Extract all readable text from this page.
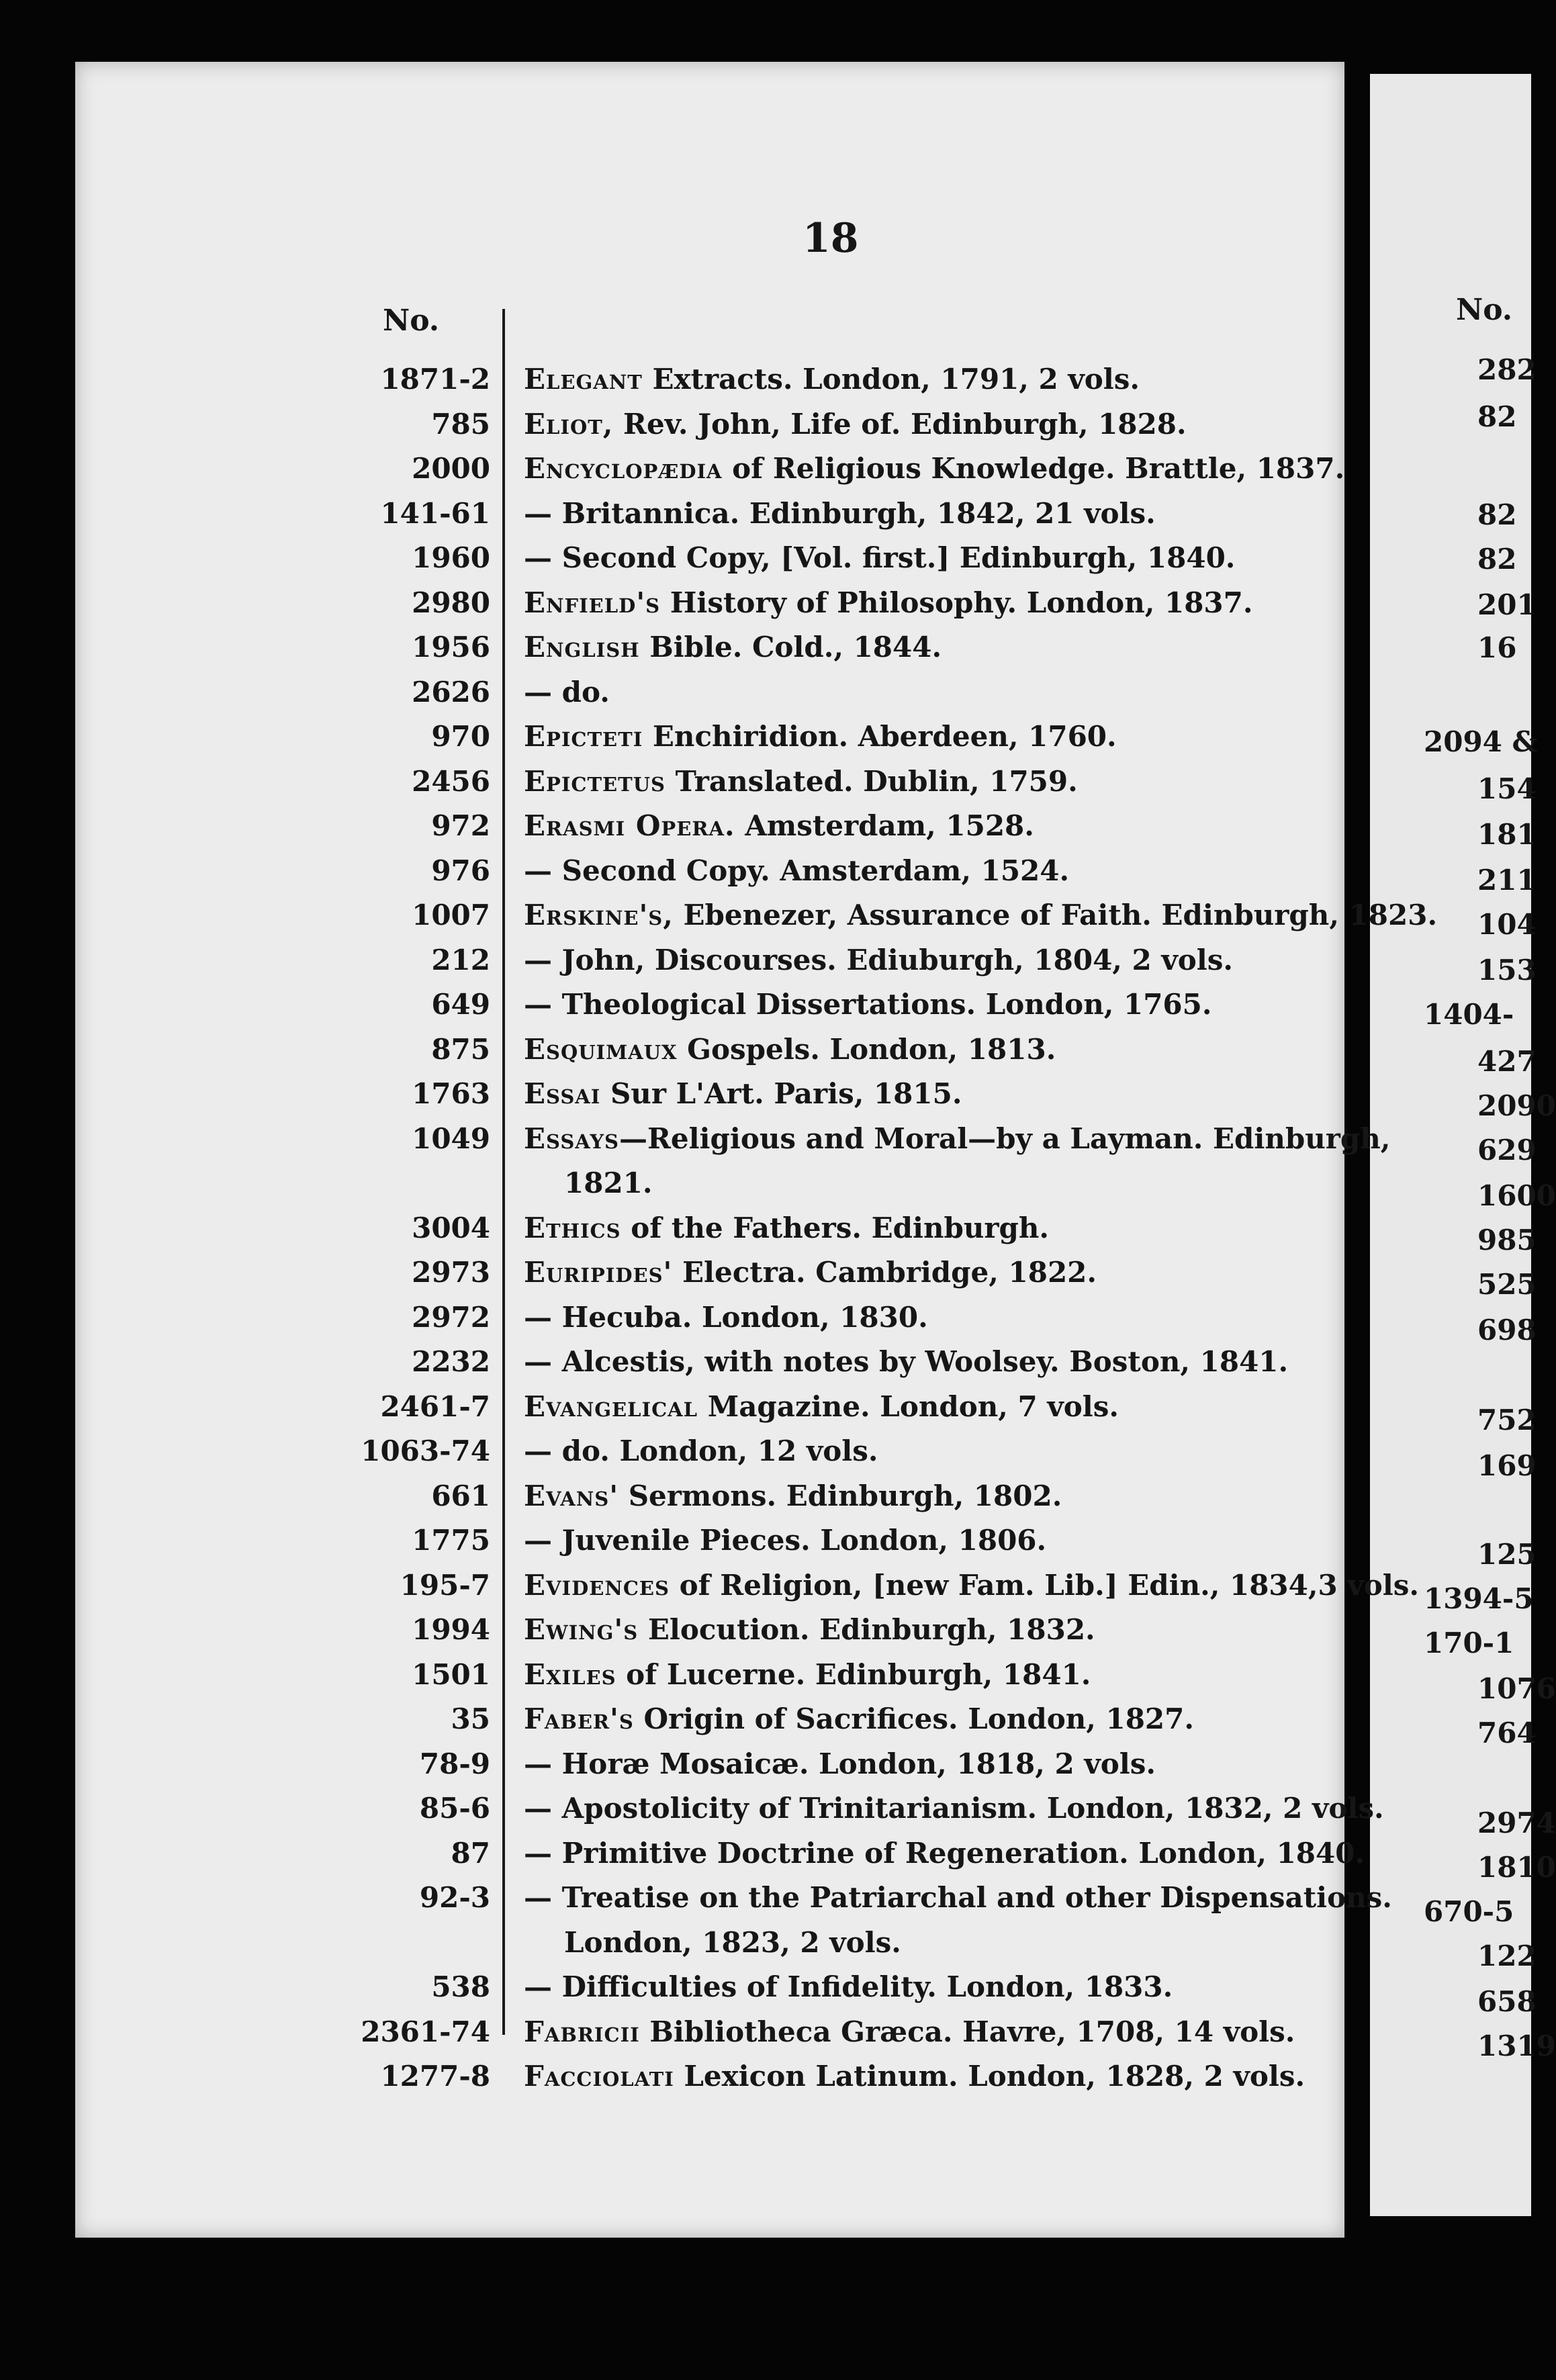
18
No.
1871-2 Elegant Extracts. London, 1791, 2 vols.
785 Eliot, Rev. John, Life of. Edinburgh, 1828.
2000 Encyclopædia of Religious Knowledge. Brattle, 1837.
141-61 — Britannica. Edinburgh, 1842, 21 vols.
1960 — Second Copy, [Vol. first.] Edinburgh, 1840.
2980 Enfield's History of Philosophy. London, 1837.
1956 English Bible. Cold., 1844.
2626 — do.
970 Epicteti Enchiridion. Aberdeen, 1760.
2456 Epictetus Translated. Dublin, 1759.
972 Erasmi Opera. Amsterdam, 1528.
976 — Second Copy. Amsterdam, 1524.
1007 Erskine's, Ebenezer, Assurance of Faith. Edinburgh, 1823.
212 — John, Discourses. Ediuburgh, 1804, 2 vols.
649 — Theological Dissertations. London, 1765.
875 Esquimaux Gospels. London, 1813.
1763 Essai Sur L'Art. Paris, 1815.
1049 Essays—Religious and Moral—by a Layman. Edinburgh,
1821.
3004 Ethics of the Fathers. Edinburgh.
2973 Euripides' Electra. Cambridge, 1822.
2972 — Hecuba. London, 1830.
2232 — Alcestis, with notes by Woolsey. Boston, 1841.
2461-7 Evangelical Magazine. London, 7 vols.
1063-74 — do. London, 12 vols.
661 Evans' Sermons. Edinburgh, 1802.
1775 — Juvenile Pieces. London, 1806.
195-7 Evidences of Religion, [new Fam. Lib.] Edin., 1834,3 vols.
1994 Ewing's Elocution. Edinburgh, 1832.
1501 Exiles of Lucerne. Edinburgh, 1841.
35 Faber's Origin of Sacrifices. London, 1827.
78-9 — Horæ Mosaicæ. London, 1818, 2 vols.
85-6 — Apostolicity of Trinitarianism. London, 1832, 2 vols.
87 — Primitive Doctrine of Regeneration. London, 1840.
92-3 — Treatise on the Patriarchal and other Dispensations.
London, 1823, 2 vols.
538 — Difficulties of Infidelity. London, 1833.
2361-74 Fabricii Bibliotheca Græca. Havre, 1708, 14 vols.
1277-8 Facciolati Lexicon Latinum. London, 1828, 2 vols.
No.
282
82
82
82
201
16
2094 &
154
181
211
104
153
1404-
427
2090
629
1600
985
525
698
752
169
125
1394-5
170-1
1076
764
2974
1810
670-5
122
658
1319
